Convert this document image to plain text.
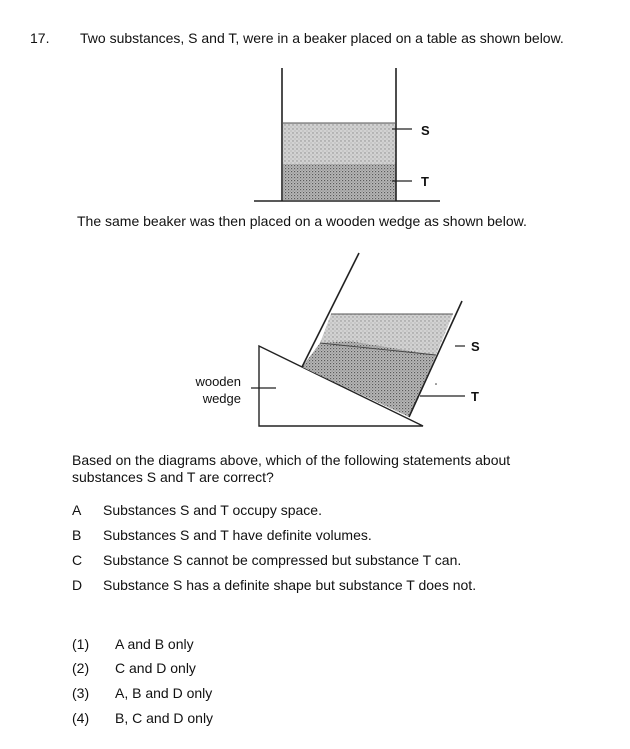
17. Two substances, S and T, were in a beaker placed on a table as shown below.
S
T
S
T
wooden
wedge
The same beaker was then placed on a wooden wedge as shown below.
Based on the diagrams above, which of the following statements about
substances S and T are correct?
A Substances S and T occupy space.
B Substances S and T have definite volumes.
C Substance S cannot be compressed but substance T can.
D Substance S has a definite shape but substance T does not.
(1) A and B only
(2) C and D only
(3) A, B and D only
(4) B, C and D only
